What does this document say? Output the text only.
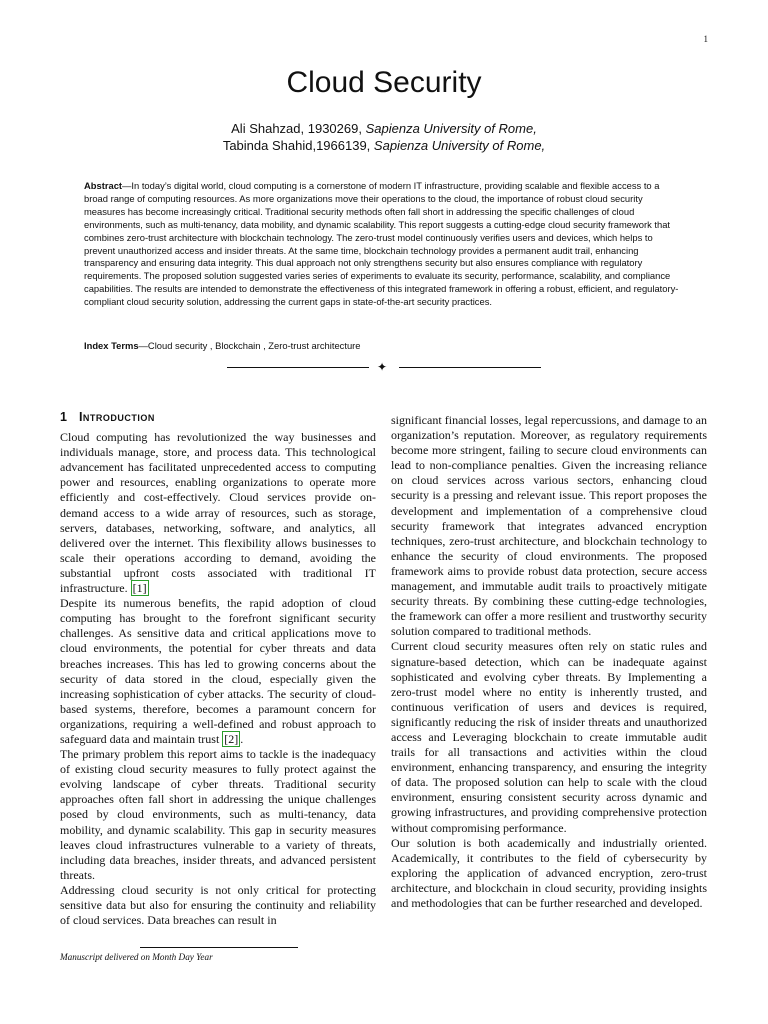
1
Cloud Security
Ali Shahzad, 1930269, Sapienza University of Rome,
Tabinda Shahid,1966139, Sapienza University of Rome,
Abstract—In today’s digital world, cloud computing is a cornerstone of modern IT infrastructure, providing scalable and flexible access to a broad range of computing resources. As more organizations move their operations to the cloud, the importance of robust cloud security measures has become increasingly critical. Traditional security methods often fall short in addressing the specific challenges of cloud environments, such as multi-tenancy, data mobility, and dynamic scalability. This report suggests a cutting-edge cloud security framework that combines zero-trust architecture with blockchain technology. The zero-trust model continuously verifies users and devices, which helps to prevent unauthorized access and insider threats. At the same time, blockchain technology provides a permanent audit trail, enhancing transparency and ensuring data integrity. This dual approach not only strengthens security but also ensures compliance with regulatory requirements. The proposed solution suggested varies series of experiments to evaluate its security, performance, scalability, and compliance capabilities. The results are intended to demonstrate the effectiveness of this integrated framework in offering a robust, efficient, and regulatory-compliant cloud security solution, addressing the current gaps in state-of-the-art security practices.
Index Terms—Cloud security , Blockchain , Zero-trust architecture
✦
1 Introduction

Cloud computing has revolutionized the way businesses and individuals manage, store, and process data. This technological advancement has facilitated unprecedented access to computing power and resources, enabling organizations to operate more efficiently and cost-effectively. Cloud services provide on-demand access to a wide array of resources, such as storage, servers, databases, networking, software, and analytics, all delivered over the internet. This flexibility allows businesses to scale their operations according to demand, avoiding the substantial upfront costs associated with traditional IT infrastructure. [1]

Despite its numerous benefits, the rapid adoption of cloud computing has brought to the forefront significant security challenges. As sensitive data and critical applications move to cloud environments, the potential for cyber threats and data breaches increases. This has led to growing concerns about the security of data stored in the cloud, especially given the increasing sophistication of cyber attacks. The security of cloud-based systems, therefore, becomes a paramount concern for organizations, requiring a well-defined and robust approach to safeguard data and maintain trust [2] .

The primary problem this report aims to tackle is the inadequacy of existing cloud security measures to fully protect against the evolving landscape of cyber threats. Traditional security approaches often fall short in addressing the unique challenges posed by cloud environments, such as multi-tenancy, data mobility, and dynamic scalability. This gap in security measures leaves cloud infrastructures vulnerable to a variety of threats, including data breaches, insider threats, and advanced persistent threats.

Addressing cloud security is not only critical for protecting sensitive data but also for ensuring the continuity and reliability of cloud services. Data breaches can result in

significant financial losses, legal repercussions, and damage to an organization’s reputation. Moreover, as regulatory requirements become more stringent, failing to secure cloud environments can lead to non-compliance penalties. Given the increasing reliance on cloud services across various sectors, enhancing cloud security is a pressing and relevant issue. This report proposes the development and implementation of a comprehensive cloud security framework that integrates advanced encryption techniques, zero-trust architecture, and blockchain technology to enhance the security of cloud environments. The proposed framework aims to provide robust data protection, secure access management, and immutable audit trails to proactively mitigate security threats. By combining these cutting-edge technologies, the framework can offer a more resilient and trustworthy security solution compared to traditional methods.

Current cloud security measures often rely on static rules and signature-based detection, which can be inadequate against sophisticated and evolving cyber threats. By Implementing a zero-trust model where no entity is inherently trusted, and continuous verification of users and devices is required, significantly reducing the risk of insider threats and unauthorized access and Leveraging blockchain to create immutable audit trails for all transactions and activities within the cloud environment, enhancing transparency, and ensuring the integrity of data. The proposed solution can help to scale with the cloud environment, ensuring consistent security across dynamic and growing infrastructures, and providing comprehensive protection without compromising performance.

Our solution is both academically and industrially oriented. Academically, it contributes to the field of cybersecurity by exploring the application of advanced encryption, zero-trust architecture, and blockchain in cloud security, providing insights and methodologies that can be further researched and developed.

Manuscript delivered on Month Day Year
